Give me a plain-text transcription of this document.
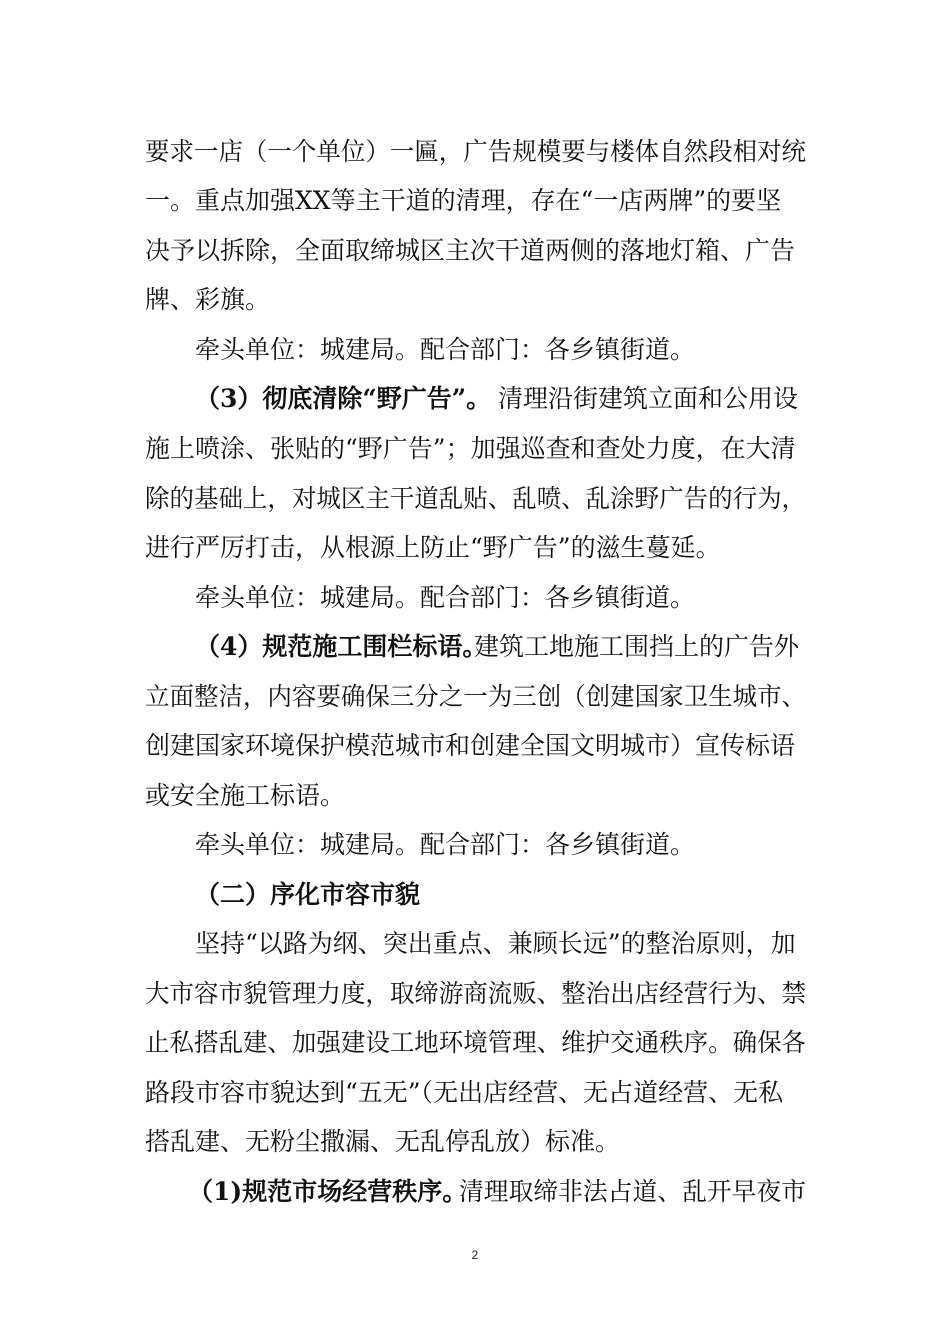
要求一店（一个单位）一匾，广告规模要与楼体自然段相对统
一。重点加强XX等主干道的清理，存在“一店两牌”的要坚
决予以拆除，全面取缔城区主次干道两侧的落地灯箱、广告
牌、彩旗。
牵头单位：城建局。配合部门：各乡镇街道。
（3）彻底清除“野广告”。 清理沿街建筑立面和公用设
施上喷涂、张贴的“野广告”；加强巡查和查处力度，在大清
除的基础上，对城区主干道乱贴、乱喷、乱涂野广告的行为，
进行严厉打击，从根源上防止“野广告”的滋生蔓延。
牵头单位：城建局。配合部门：各乡镇街道。
（4）规范施工围栏标语。
建筑工地施工围挡上的广告外
立面整洁，内容要确保三分之一为三创（创建国家卫生城市、
创建国家环境保护模范城市和创建全国文明城市）宣传标语
或安全施工标语。
牵头单位：城建局。配合部门：各乡镇街道。
（二）序化市容市貌
坚持“以路为纲、突出重点、兼顾长远”的整治原则，加
大市容市貌管理力度，取缔游商流贩、整治出店经营行为、禁
止私搭乱建、加强建设工地环境管理、维护交通秩序。确保各
路段市容市貌达到“五无”（无出店经营、无占道经营、无私
搭乱建、无粉尘撒漏、无乱停乱放）标准。
（1)规范市场经营秩序。
清理取缔非法占道、乱开早夜市
2
